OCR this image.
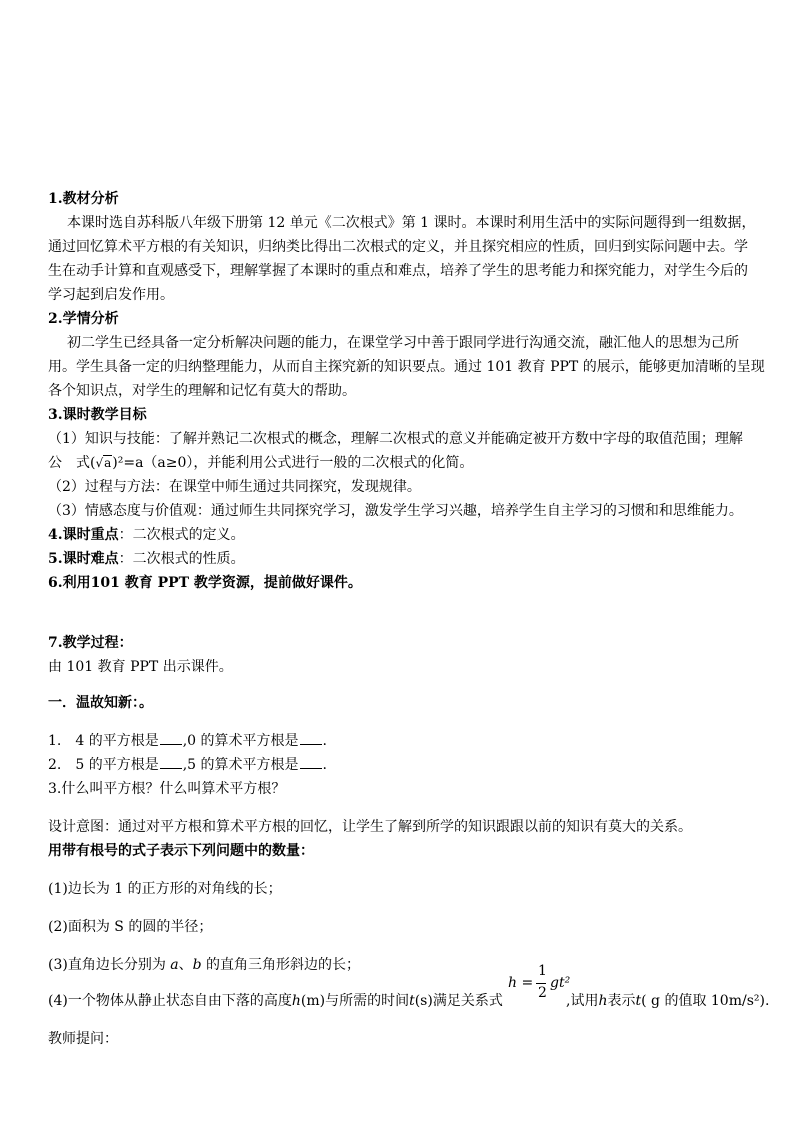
1.教材分析
本课时选自苏科版八年级下册第 12 单元《二次根式》第 1 课时。本课时利用生活中的实际问题得到一组数据，
通过回忆算术平方根的有关知识，归纳类比得出二次根式的定义，并且探究相应的性质，回归到实际问题中去。学
生在动手计算和直观感受下，理解掌握了本课时的重点和难点，培养了学生的思考能力和探究能力，对学生今后的
学习起到启发作用。
2.学情分析
初二学生已经具备一定分析解决问题的能力，在课堂学习中善于跟同学进行沟通交流，融汇他人的思想为己所
用。学生具备一定的归纳整理能力，从而自主探究新的知识要点。通过 101 教育 PPT 的展示，能够更加清晰的呈现
各个知识点，对学生的理解和记忆有莫大的帮助。
3.课时教学目标
（1）知识与技能：了解并熟记二次根式的概念，理解二次根式的意义并能确定被开方数中字母的取值范围；理解
公 式(√a)²=a（a≥0），并能利用公式进行一般的二次根式的化简。
（2）过程与方法：在课堂中师生通过共同探究，发现规律。
（3）情感态度与价值观：通过师生共同探究学习，激发学生学习兴趣，培养学生自主学习的习惯和和思维能力。
4.课时重点：二次根式的定义。
5.课时难点：二次根式的性质。
6.利用101 教育 PPT 教学资源，提前做好课件。
7.教学过程：
由 101 教育 PPT 出示课件。
一．温故知新：。
1. 4 的平方根是 ,0 的算术平方根是 .
2. 5 的平方根是 ,5 的算术平方根是 .
3.什么叫平方根？什么叫算术平方根？
设计意图：通过对平方根和算术平方根的回忆，让学生了解到所学的知识跟跟以前的知识有莫大的关系。
用带有根号的式子表示下列问题中的数量：
(1)边长为 1 的正方形的对角线的长；
(2)面积为 S 的圆的半径；
(3)直角边长分别为 a、b 的直角三角形斜边的长；
(4)一个物体从静止状态自由下落的高度h(m)与所需的时间t(s)满足关系式
h =
1
2
gt²
,试用h表示t( g 的值取 10m/s²).
教师提问：
